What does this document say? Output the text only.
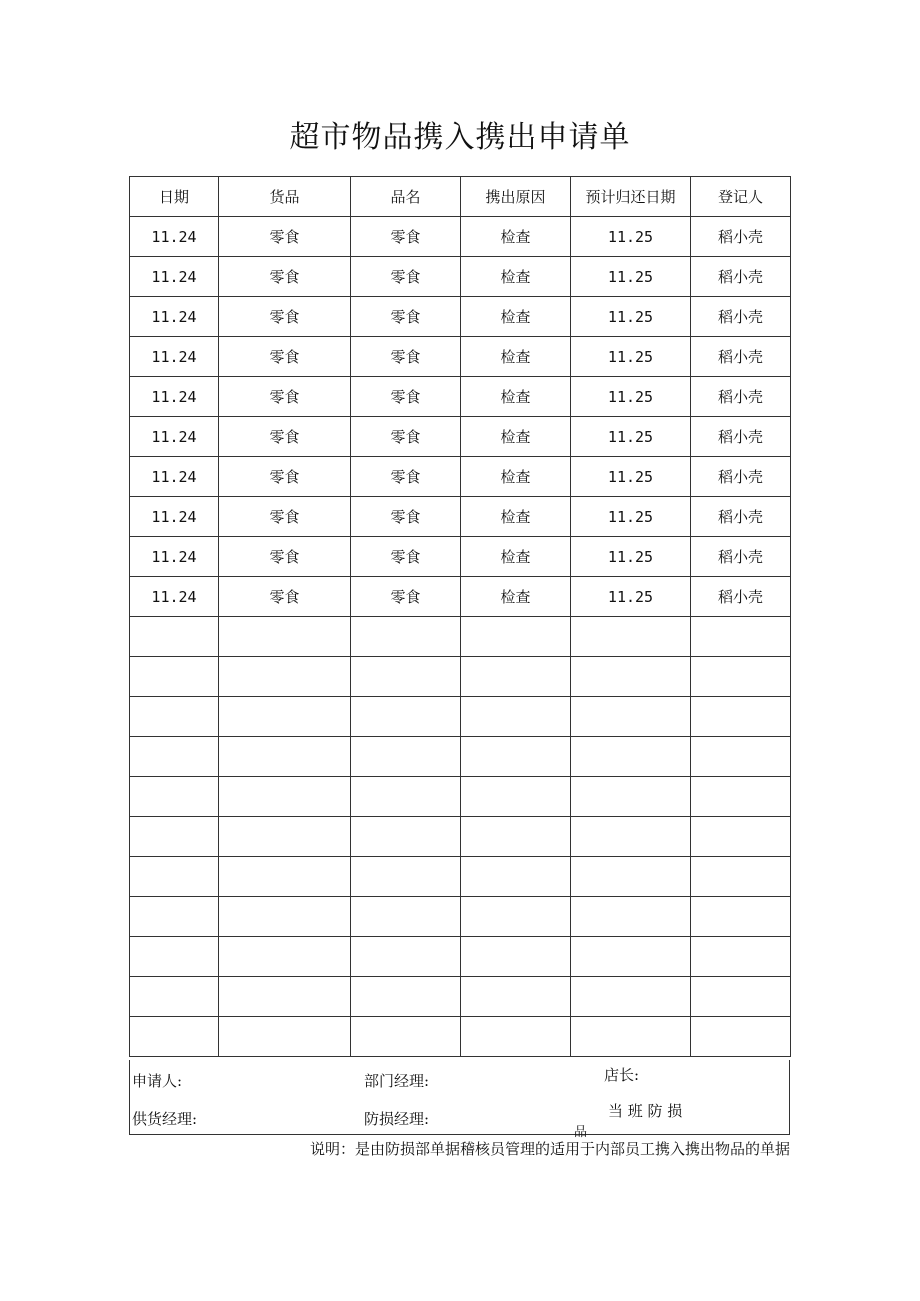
超市物品携入携出申请单
日期	货品	品名	携出原因	预计归还日期	登记人
11.24	零食	零食	检查	11.25	稻小壳
11.24	零食	零食	检查	11.25	稻小壳
11.24	零食	零食	检查	11.25	稻小壳
11.24	零食	零食	检查	11.25	稻小壳
11.24	零食	零食	检查	11.25	稻小壳
11.24	零食	零食	检查	11.25	稻小壳
11.24	零食	零食	检查	11.25	稻小壳
11.24	零食	零食	检查	11.25	稻小壳
11.24	零食	零食	检查	11.25	稻小壳
11.24	零食	零食	检查	11.25	稻小壳

申请人:	部门经理:	店长:
供货经理:	防损经理:	当 班 防 损
品
说明：是由防损部单据稽核员管理的适用于内部员工携入携出物品的单据
